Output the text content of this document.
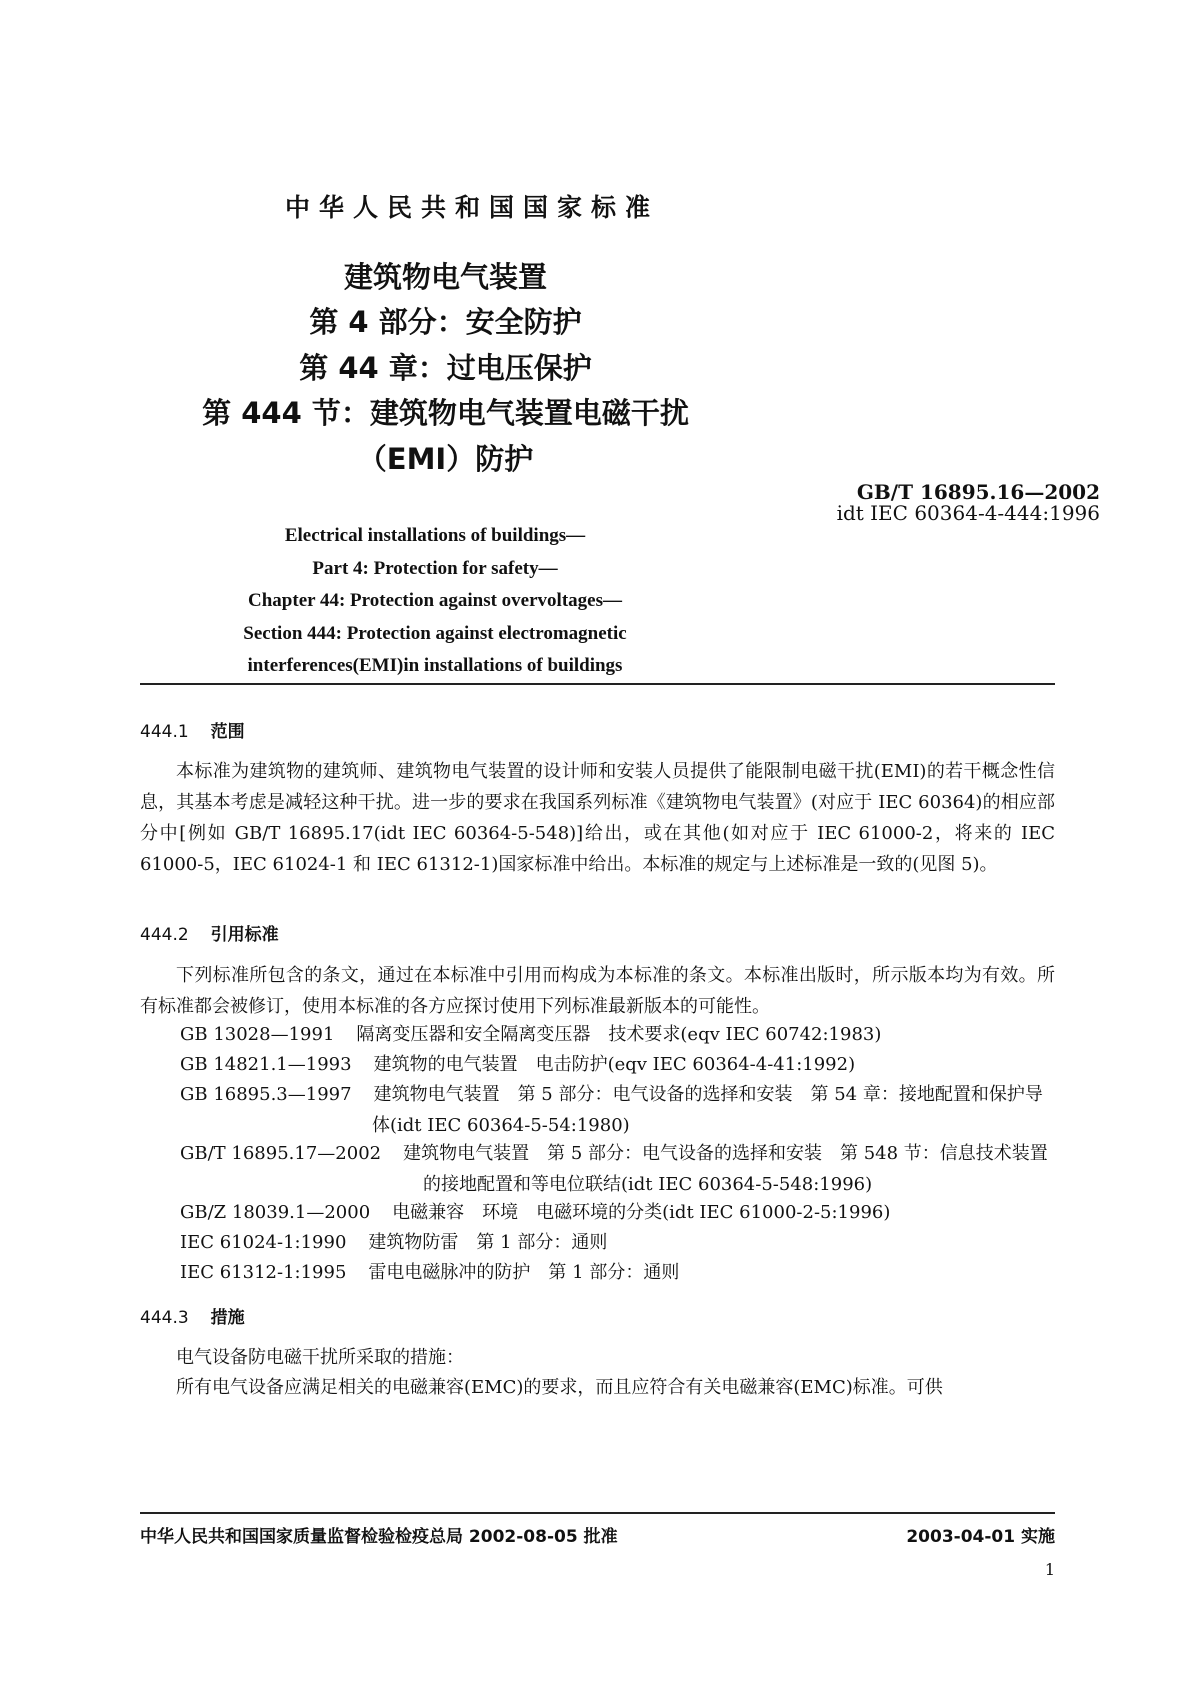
中华人民共和国国家标准
建筑物电气装置
第 4 部分：安全防护
第 44 章：过电压保护
第 444 节：建筑物电气装置电磁干扰
（EMI）防护
GB/T 16895.16—2002
idt IEC 60364-4-444:1996
Electrical installations of buildings—
Part 4: Protection for safety—
Chapter 44: Protection against overvoltages—
Section 444: Protection against electromagnetic
interferences(EMI)in installations of buildings
444.1 范围
本标准为建筑物的建筑师、建筑物电气装置的设计师和安装人员提供了能限制电磁干扰(EMI)的若干概念性信息，其基本考虑是减轻这种干扰。进一步的要求在我国系列标准《建筑物电气装置》(对应于 IEC 60364)的相应部分中[例如 GB/T 16895.17(idt IEC 60364-5-548)]给出，或在其他(如对应于 IEC 61000-2，将来的 IEC 61000-5，IEC 61024-1 和 IEC 61312-1)国家标准中给出。本标准的规定与上述标准是一致的(见图 5)。
444.2 引用标准
下列标准所包含的条文，通过在本标准中引用而构成为本标准的条文。本标准出版时，所示版本均为有效。所有标准都会被修订，使用本标准的各方应探讨使用下列标准最新版本的可能性。
GB 13028—1991 隔离变压器和安全隔离变压器　技术要求(eqv IEC 60742:1983)
GB 14821.1—1993 建筑物的电气装置　电击防护(eqv IEC 60364-4-41:1992)
GB 16895.3—1997 建筑物电气装置　第 5 部分：电气设备的选择和安装　第 54 章：接地配置和保护导体(idt IEC 60364-5-54:1980)
GB/T 16895.17—2002 建筑物电气装置　第 5 部分：电气设备的选择和安装　第 548 节：信息技术装置的接地配置和等电位联结(idt IEC 60364-5-548:1996)
GB/Z 18039.1—2000 电磁兼容　环境　电磁环境的分类(idt IEC 61000-2-5:1996)
IEC 61024-1:1990 建筑物防雷　第 1 部分：通则
IEC 61312-1:1995 雷电电磁脉冲的防护　第 1 部分：通则
444.3 措施
电气设备防电磁干扰所采取的措施：
所有电气设备应满足相关的电磁兼容(EMC)的要求，而且应符合有关电磁兼容(EMC)标准。可供
中华人民共和国国家质量监督检验检疫总局 2002-08-05 批准	2003-04-01 实施
1
